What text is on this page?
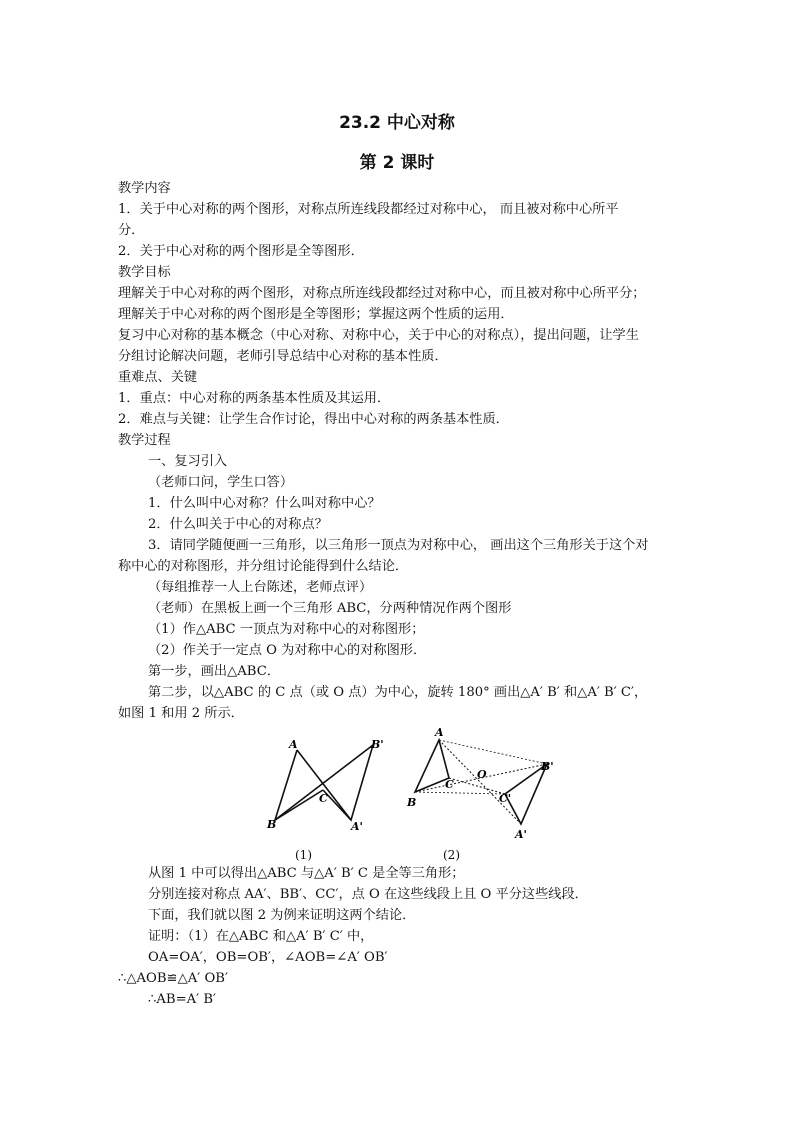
23.2 中心对称
第 2 课时
教学内容
1．关于中心对称的两个图形，对称点所连线段都经过对称中心， 而且被对称中心所平
分．
2．关于中心对称的两个图形是全等图形．
教学目标
理解关于中心对称的两个图形，对称点所连线段都经过对称中心，而且被对称中心所平分；
理解关于中心对称的两个图形是全等图形；掌握这两个性质的运用．
复习中心对称的基本概念（中心对称、对称中心，关于中心的对称点），提出问题，让学生
分组讨论解决问题，老师引导总结中心对称的基本性质．
重难点、关键
1．重点：中心对称的两条基本性质及其运用．
2．难点与关键：让学生合作讨论，得出中心对称的两条基本性质．
教学过程
一、复习引入
（老师口问，学生口答）
1．什么叫中心对称？什么叫对称中心？
2．什么叫关于中心的对称点？
3．请同学随便画一三角形，以三角形一顶点为对称中心， 画出这个三角形关于这个对
称中心的对称图形，并分组讨论能得到什么结论．
（每组推荐一人上台陈述，老师点评）
（老师）在黑板上画一个三角形 ABC，分两种情况作两个图形
（1）作△ABC 一顶点为对称中心的对称图形；
（2）作关于一定点 O 为对称中心的对称图形．
第一步，画出△ABC．
第二步，以△ABC 的 C 点（或 O 点）为中心，旋转 180° 画出△A′ B′ 和△A′ B′ C′，
如图 1 和用 2 所示．
A	B'
B	A'
C
A
B
C
O
B'
C'
A'
(1)	(2)
从图 1 中可以得出△ABC 与△A′ B′ C 是全等三角形；
分别连接对称点 AA′、BB′、CC′，点 O 在这些线段上且 O 平分这些线段．
下面，我们就以图 2 为例来证明这两个结论．
证明：（1）在△ABC 和△A′ B′ C′ 中，
OA=OA′，OB=OB′，∠AOB=∠A′ OB′
∴△AOB≌△A′ OB′
∴AB=A′ B′
